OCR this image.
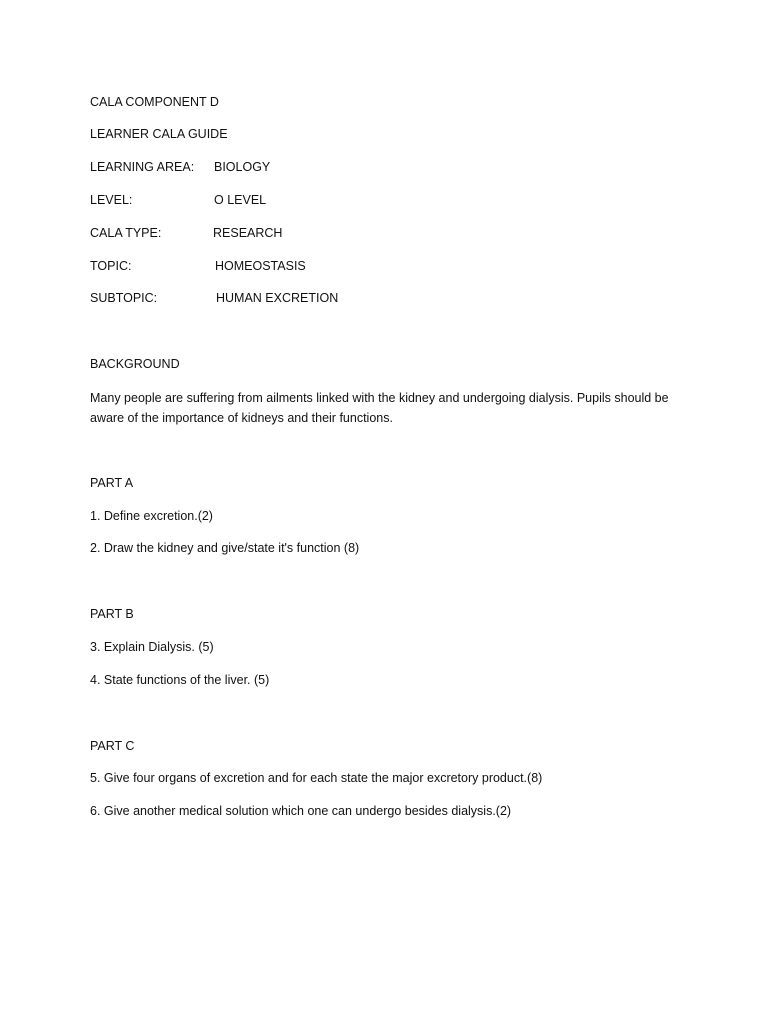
CALA COMPONENT D
LEARNER CALA GUIDE
LEARNING AREA: BIOLOGY
LEVEL:	O LEVEL
CALA TYPE:	RESEARCH
TOPIC:	HOMEOSTASIS
SUBTOPIC:	HUMAN EXCRETION
BACKGROUND
Many people are suffering from ailments linked with the kidney and undergoing dialysis. Pupils should be aware of the importance of kidneys and their functions.
PART A
1. Define excretion.(2)
2. Draw the kidney and give/state it's function (8)
PART B
3. Explain Dialysis. (5)
4. State functions of the liver. (5)
PART C
5. Give four organs of excretion and for each state the major excretory product.(8)
6. Give another medical solution which one can undergo besides dialysis.(2)
